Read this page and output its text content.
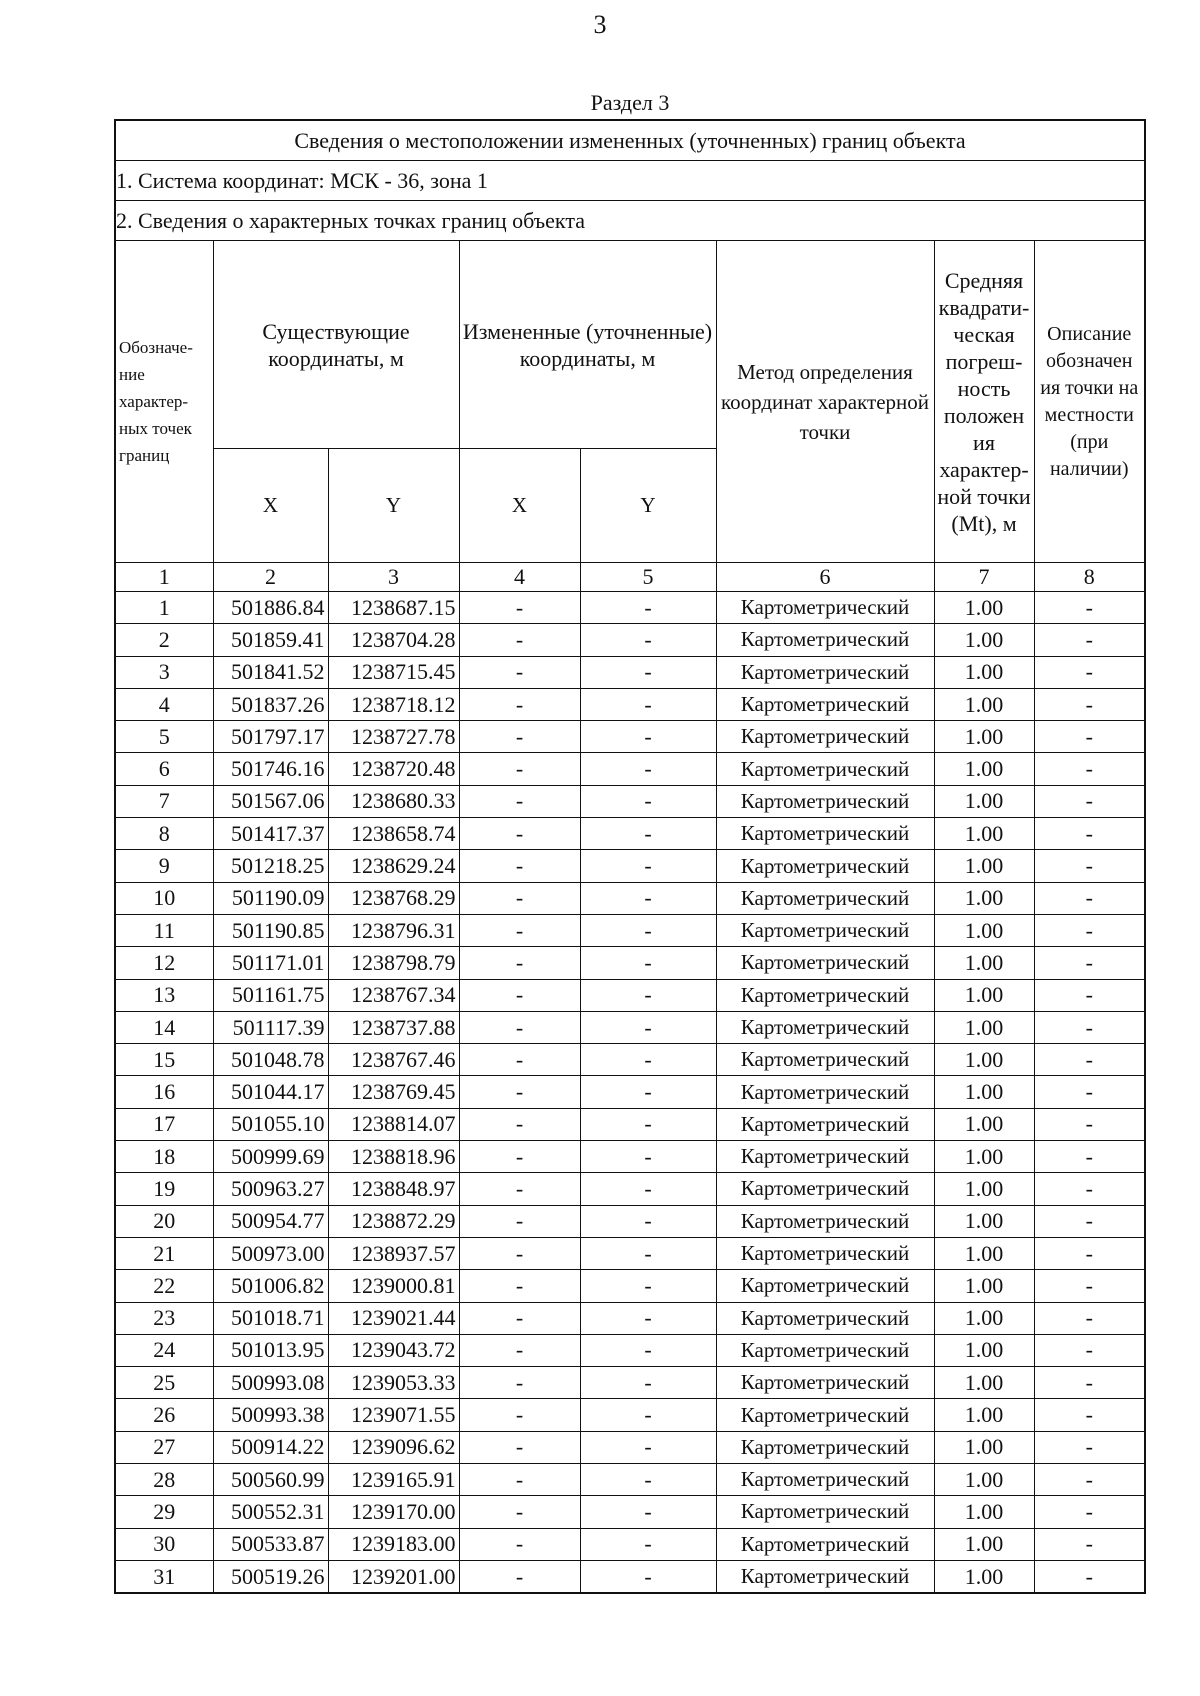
3
Раздел 3
Сведения о местоположении измененных (уточненных) границ объекта							
1. Система координат: МСК - 36, зона 1							
2. Сведения о характерных точках границ объекта							
Обозначе-ние характер-ных точек границ	Существующие координаты, м		Измененные (уточненные) координаты, м		Метод определения координат характерной точки	Средняя квадрати-ческая погреш-ность положен ия характер-ной точки (Mt), м	Описание обозначен ия точки на местности (при наличии)
	X	Y	X	Y			
1	2	3	4	5	6	7	8
1	501886.84	1238687.15	-	-	Картометрический	1.00	-
2	501859.41	1238704.28	-	-	Картометрический	1.00	-
3	501841.52	1238715.45	-	-	Картометрический	1.00	-
4	501837.26	1238718.12	-	-	Картометрический	1.00	-
5	501797.17	1238727.78	-	-	Картометрический	1.00	-
6	501746.16	1238720.48	-	-	Картометрический	1.00	-
7	501567.06	1238680.33	-	-	Картометрический	1.00	-
8	501417.37	1238658.74	-	-	Картометрический	1.00	-
9	501218.25	1238629.24	-	-	Картометрический	1.00	-
10	501190.09	1238768.29	-	-	Картометрический	1.00	-
11	501190.85	1238796.31	-	-	Картометрический	1.00	-
12	501171.01	1238798.79	-	-	Картометрический	1.00	-
13	501161.75	1238767.34	-	-	Картометрический	1.00	-
14	501117.39	1238737.88	-	-	Картометрический	1.00	-
15	501048.78	1238767.46	-	-	Картометрический	1.00	-
16	501044.17	1238769.45	-	-	Картометрический	1.00	-
17	501055.10	1238814.07	-	-	Картометрический	1.00	-
18	500999.69	1238818.96	-	-	Картометрический	1.00	-
19	500963.27	1238848.97	-	-	Картометрический	1.00	-
20	500954.77	1238872.29	-	-	Картометрический	1.00	-
21	500973.00	1238937.57	-	-	Картометрический	1.00	-
22	501006.82	1239000.81	-	-	Картометрический	1.00	-
23	501018.71	1239021.44	-	-	Картометрический	1.00	-
24	501013.95	1239043.72	-	-	Картометрический	1.00	-
25	500993.08	1239053.33	-	-	Картометрический	1.00	-
26	500993.38	1239071.55	-	-	Картометрический	1.00	-
27	500914.22	1239096.62	-	-	Картометрический	1.00	-
28	500560.99	1239165.91	-	-	Картометрический	1.00	-
29	500552.31	1239170.00	-	-	Картометрический	1.00	-
30	500533.87	1239183.00	-	-	Картометрический	1.00	-
31	500519.26	1239201.00	-	-	Картометрический	1.00	-
